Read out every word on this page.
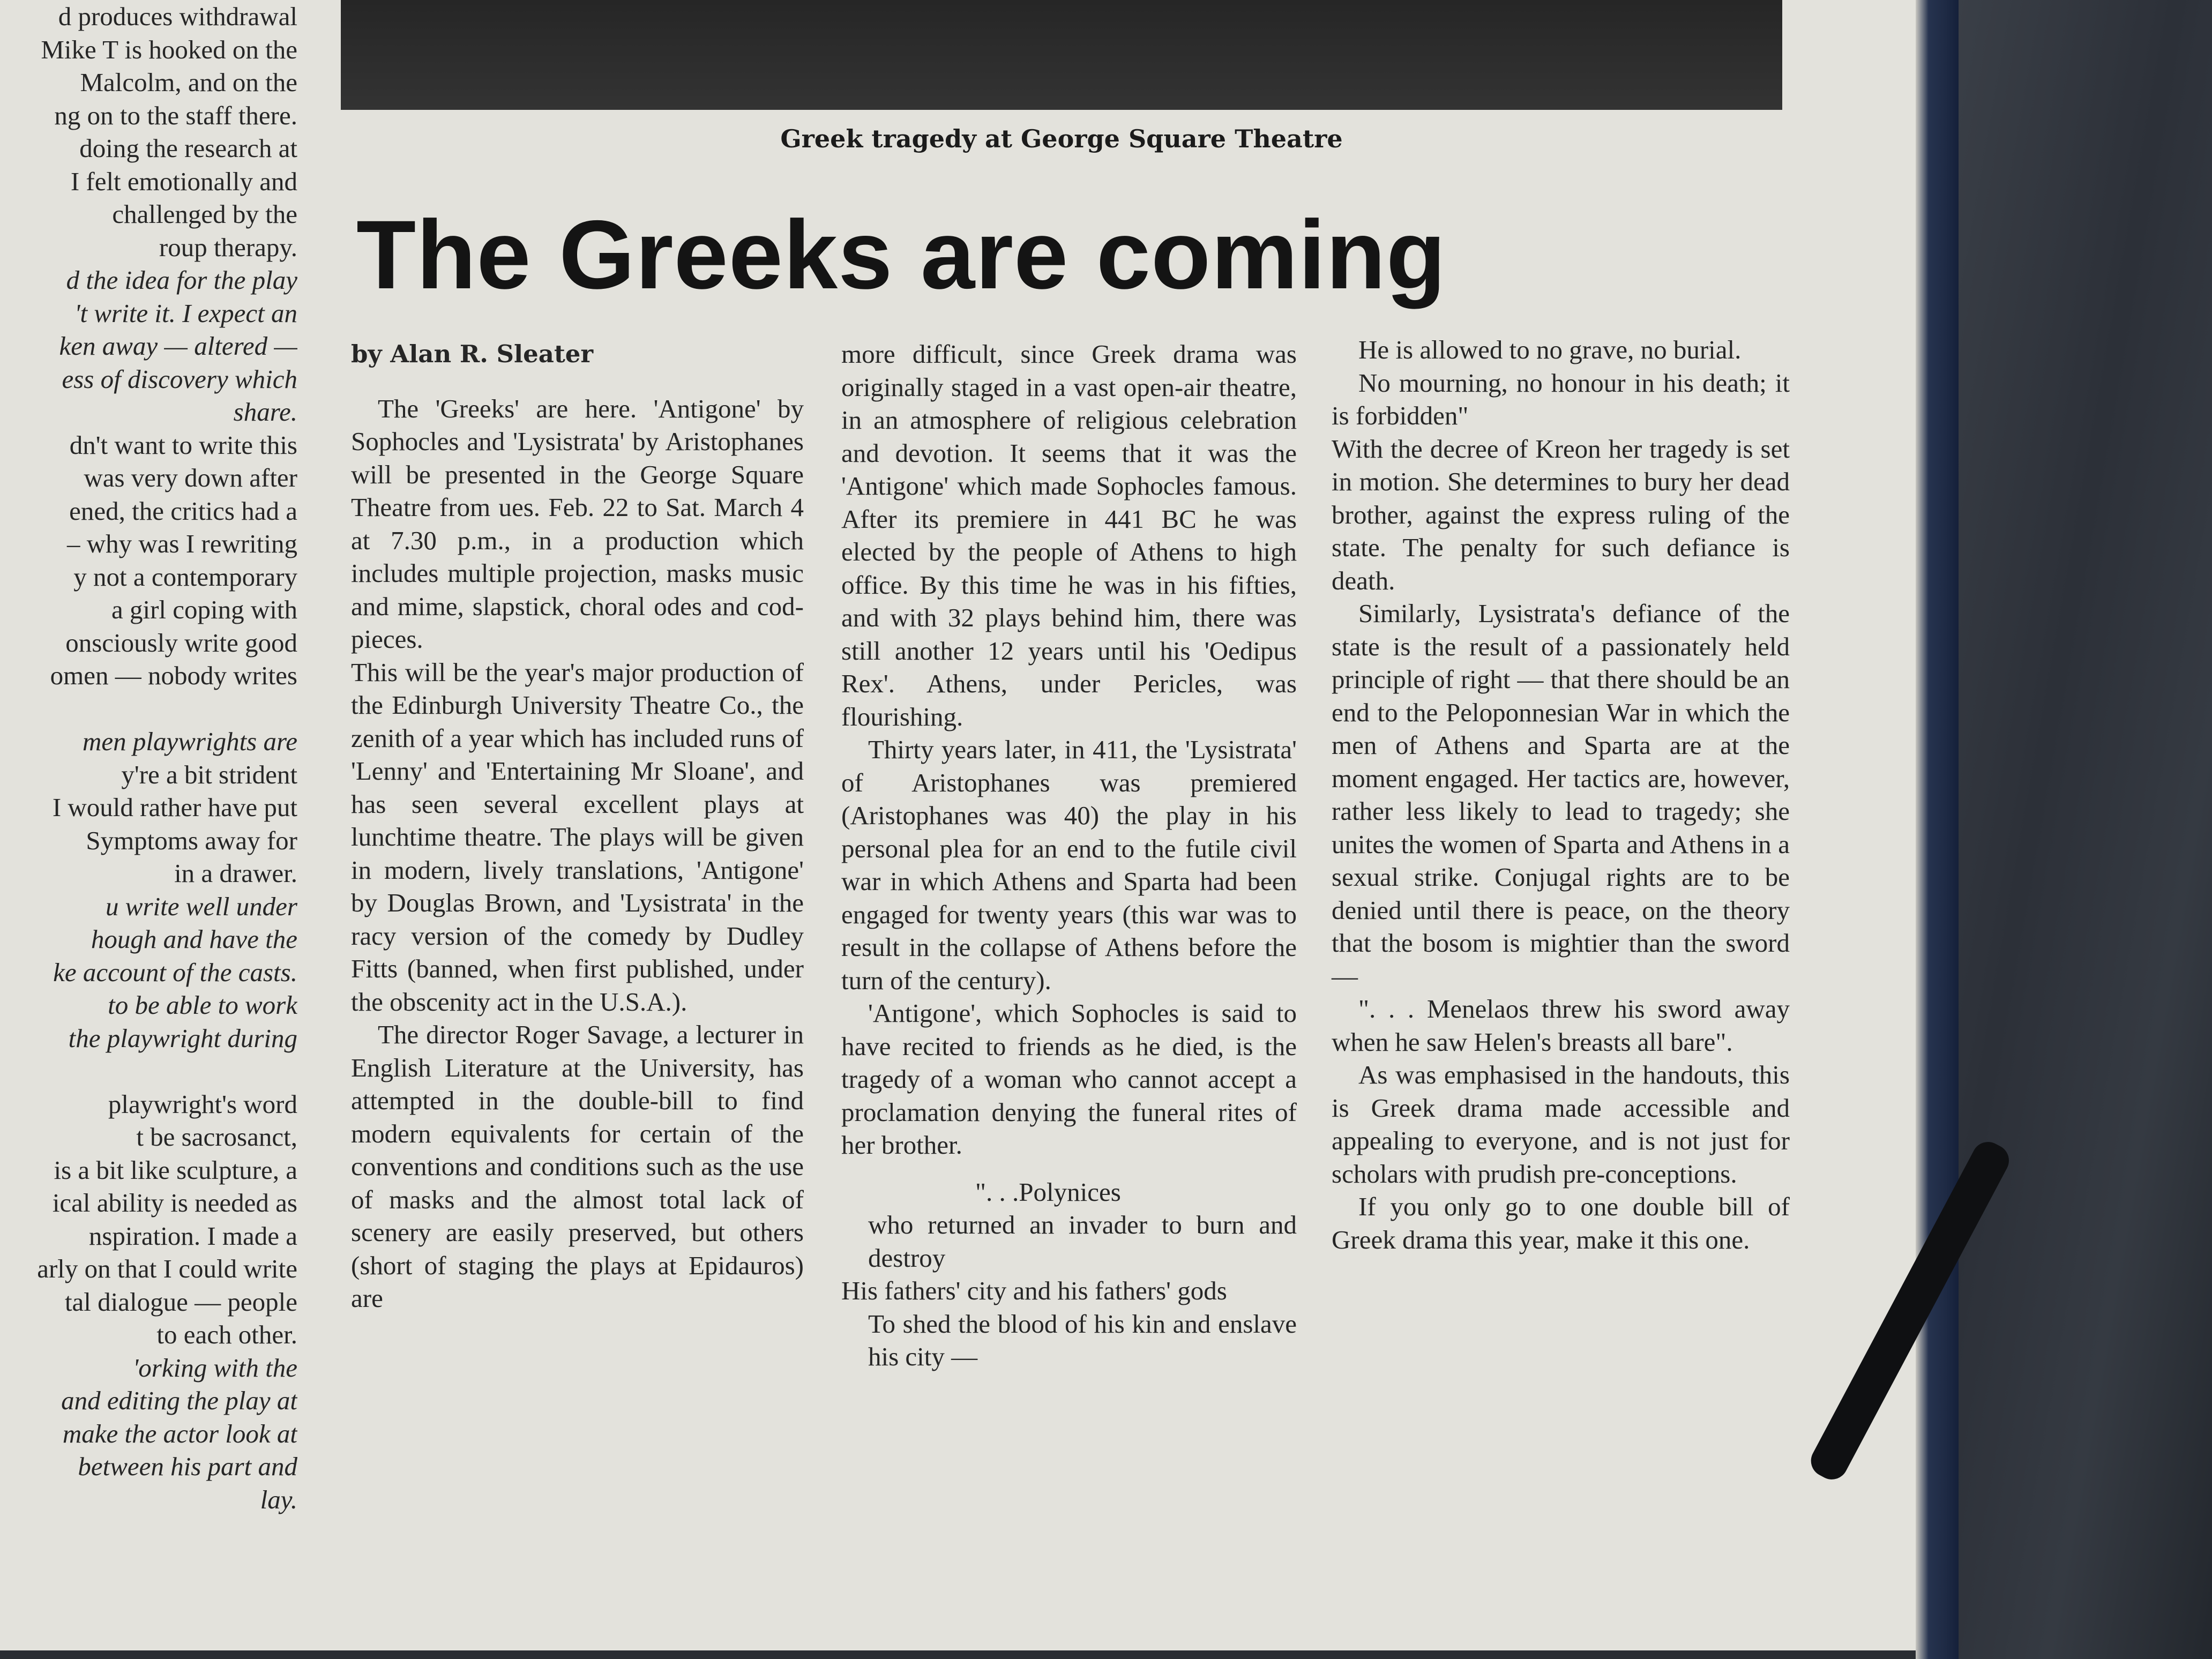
Greek tragedy at George Square Theatre
The Greeks are coming

d produces withdrawal

Mike T is hooked on the

Malcolm, and on the

ng on to the staff there.

doing the research at

I felt emotionally and

challenged by the

roup therapy.

d the idea for the play

't write it. I expect an

ken away — altered —

ess of discovery which

share.

dn't want to write this

was very down after

ened, the critics had a

– why was I rewriting

y not a contemporary

a girl coping with

onsciously write good

omen — nobody writes

men playwrights are

y're a bit strident

I would rather have put

Symptoms away for

in a drawer.

u write well under

hough and have the

ke account of the casts.

to be able to work

the playwright during

playwright's word

t be sacrosanct,

is a bit like sculpture, a

ical ability is needed as

nspiration. I made a

arly on that I could write

tal dialogue — people

to each other.

'orking with the

and editing the play at

make the actor look at

between his part and

lay.

by Alan R. Sleater

The 'Greeks' are here. 'Antigone' by Sophocles and 'Lysistrata' by Aristophanes will be presented in the George Square Theatre from ues. Feb. 22 to Sat. March 4 at 7.30 p.m., in a production which includes multiple projection, masks music and mime, slapstick, choral odes and cod-pieces.

This will be the year's major production of the Edinburgh University Theatre Co., the zenith of a year which has included runs of 'Lenny' and 'Entertaining Mr Sloane', and has seen several excellent plays at lunchtime theatre. The plays will be given in modern, lively translations, 'Antigone' by Douglas Brown, and 'Lysistrata' in the racy version of the comedy by Dudley Fitts (banned, when first published, under the obscenity act in the U.S.A.).

The director Roger Savage, a lecturer in English Literature at the University, has attempted in the double-bill to find modern equivalents for certain of the conventions and conditions such as the use of masks and the almost total lack of scenery are easily preserved, but others (short of staging the plays at Epidauros) are

more difficult, since Greek drama was originally staged in a vast open-air theatre, in an atmosphere of religious celebration and devotion. It seems that it was the 'Antigone' which made Sophocles famous. After its premiere in 441 BC he was elected by the people of Athens to high office. By this time he was in his fifties, and with 32 plays behind him, there was still another 12 years until his 'Oedipus Rex'. Athens, under Pericles, was flourishing.

Thirty years later, in 411, the 'Lysistrata' of Aristophanes was premiered (Aristophanes was 40) the play in his personal plea for an end to the futile civil war in which Athens and Sparta had been engaged for twenty years (this war was to result in the collapse of Athens before the turn of the century).

'Antigone', which Sophocles is said to have recited to friends as he died, is the tragedy of a woman who cannot accept a proclamation denying the funeral rites of her brother.

". . .Polynices

who returned an invader to burn and destroy

His fathers' city and his fathers' gods

To shed the blood of his kin and enslave his city —

He is allowed to no grave, no burial.

No mourning, no honour in his death; it is forbidden"

With the decree of Kreon her tragedy is set in motion. She determines to bury her dead brother, against the express ruling of the state. The penalty for such defiance is death.

Similarly, Lysistrata's defiance of the state is the result of a passionately held principle of right — that there should be an end to the Peloponnesian War in which the men of Athens and Sparta are at the moment engaged. Her tactics are, however, rather less likely to lead to tragedy; she unites the women of Sparta and Athens in a sexual strike. Conjugal rights are to be denied until there is peace, on the theory that the bosom is mightier than the sword—

". . . Menelaos threw his sword away when he saw Helen's breasts all bare".

As was emphasised in the handouts, this is Greek drama made accessible and appealing to everyone, and is not just for scholars with prudish pre-conceptions.

If you only go to one double bill of Greek drama this year, make it this one.
